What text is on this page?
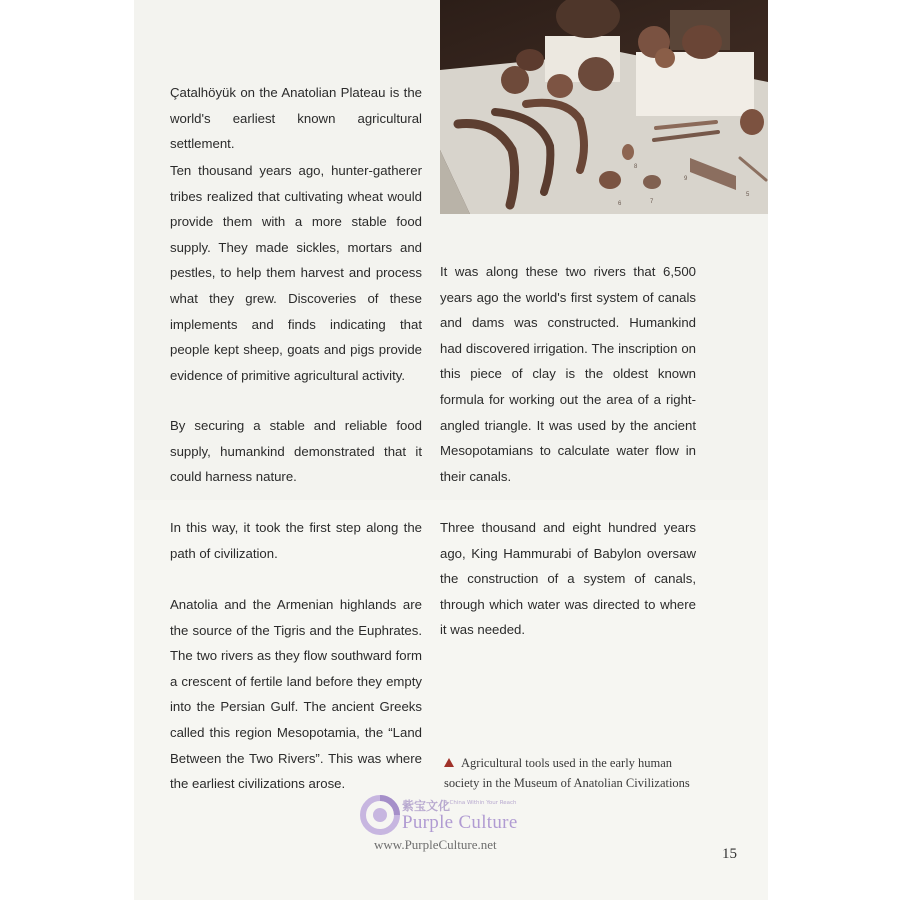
Çatalhöyük on the Anatolian Plateau is the world's earliest known agricultural settlement.

Ten thousand years ago, hunter-gatherer tribes realized that cultivating wheat would provide them with a more stable food supply. They made sickles, mortars and pestles, to help them harvest and process what they grew. Discoveries of these implements and finds indicating that people kept sheep, goats and pigs provide evidence of primitive agricultural activity.

By securing a stable and reliable food supply, humankind demonstrated that it could harness nature.

In this way, it took the first step along the path of civilization.

Anatolia and the Armenian highlands are the source of the Tigris and the Euphrates. The two rivers as they flow southward form a crescent of fertile land before they empty into the Persian Gulf. The ancient Greeks called this region Mesopotamia, the “Land Between the Two Rivers”. This was where the earliest civilizations arose.

It was along these two rivers that 6,500 years ago the world's first system of canals and dams was constructed. Humankind had discovered irrigation. The inscription on this piece of clay is the oldest known formula for working out the area of a right-angled triangle. It was used by the ancient Mesopotamians to calculate water flow in their canals.

Three thousand and eight hundred years ago, King Hammurabi of Babylon oversaw the construction of a system of canals, through which water was directed to where it was needed.

6	7
8
9
5
Agricultural tools used in the early human society in the Museum of Anatolian Civilizations
15
紫宝文化
A China Within Your Reach
Purple Culture
www.PurpleCulture.net
